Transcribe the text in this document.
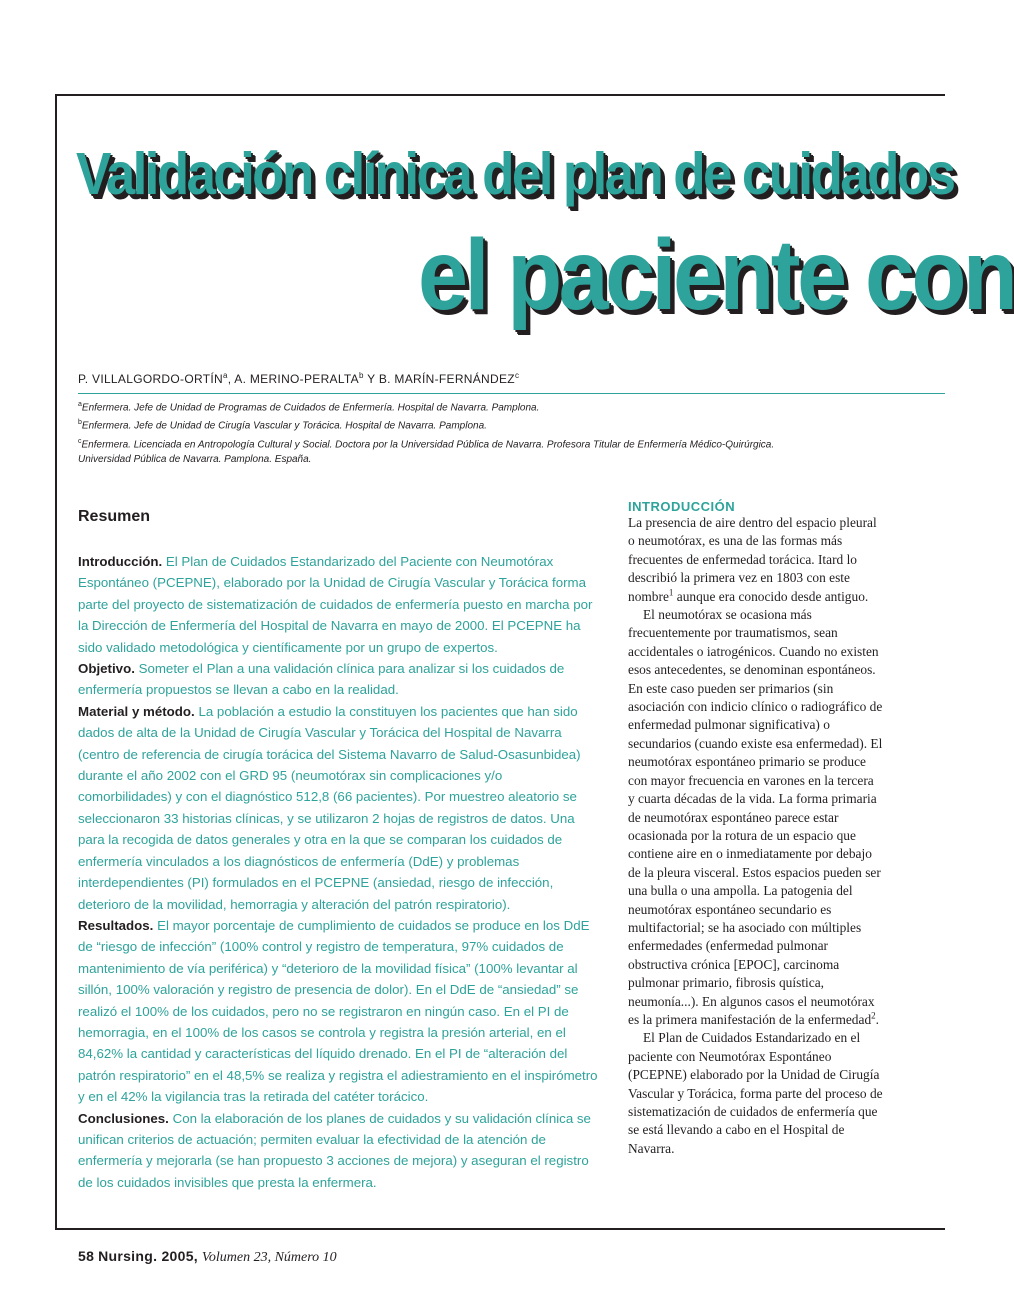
Validación clínica del plan de cuidados
el paciente con
P. VILLALGORDO-ORTÍN$^a$, A. MERINO-PERALTA$^b$ Y B. MARÍN-FERNÁNDEZ$^c$
$^a$Enfermera. Jefe de Unidad de Programas de Cuidados de Enfermería. Hospital de Navarra. Pamplona.
$^b$Enfermera. Jefe de Unidad de Cirugía Vascular y Torácica. Hospital de Navarra. Pamplona.
$^c$Enfermera. Licenciada en Antropología Cultural y Social. Doctora por la Universidad Pública de Navarra. Profesora Titular de Enfermería Médico-Quirúrgica. Universidad Pública de Navarra. Pamplona. España.
Resumen

Introducción. El Plan de Cuidados Estandarizado del Paciente con Neumotórax Espontáneo (PCEPNE), elaborado por la Unidad de Cirugía Vascular y Torácica forma parte del proyecto de sistematización de cuidados de enfermería puesto en marcha por la Dirección de Enfermería del Hospital de Navarra en mayo de 2000. El PCEPNE ha sido validado metodológica y científicamente por un grupo de expertos.

Objetivo. Someter el Plan a una validación clínica para analizar si los cuidados de enfermería propuestos se llevan a cabo en la realidad.

Material y método. La población a estudio la constituyen los pacientes que han sido dados de alta de la Unidad de Cirugía Vascular y Torácica del Hospital de Navarra (centro de referencia de cirugía torácica del Sistema Navarro de Salud-Osasunbidea) durante el año 2002 con el GRD 95 (neumotórax sin complicaciones y/o comorbilidades) y con el diagnóstico 512,8 (66 pacientes). Por muestreo aleatorio se seleccionaron 33 historias clínicas, y se utilizaron 2 hojas de registros de datos. Una para la recogida de datos generales y otra en la que se comparan los cuidados de enfermería vinculados a los diagnósticos de enfermería (DdE) y problemas interdependientes (PI) formulados en el PCEPNE (ansiedad, riesgo de infección, deterioro de la movilidad, hemorragia y alteración del patrón respiratorio).

Resultados. El mayor porcentaje de cumplimiento de cuidados se produce en los DdE de “riesgo de infección” (100% control y registro de temperatura, 97% cuidados de mantenimiento de vía periférica) y “deterioro de la movilidad física” (100% levantar al sillón, 100% valoración y registro de presencia de dolor). En el DdE de “ansiedad” se realizó el 100% de los cuidados, pero no se registraron en ningún caso. En el PI de hemorragia, en el 100% de los casos se controla y registra la presión arterial, en el 84,62% la cantidad y características del líquido drenado. En el PI de “alteración del patrón respiratorio” en el 48,5% se realiza y registra el adiestramiento en el inspirómetro y en el 42% la vigilancia tras la retirada del catéter torácico.

Conclusiones. Con la elaboración de los planes de cuidados y su validación clínica se unifican criterios de actuación; permiten evaluar la efectividad de la atención de enfermería y mejorarla (se han propuesto 3 acciones de mejora) y aseguran el registro de los cuidados invisibles que presta la enfermera.

INTRODUCCIÓN

La presencia de aire dentro del espacio pleural o neumotórax, es una de las formas más frecuentes de enfermedad torácica. Itard lo describió la primera vez en 1803 con este nombre$^1$ aunque era conocido desde antiguo.

El neumotórax se ocasiona más frecuentemente por traumatismos, sean accidentales o iatrogénicos. Cuando no existen esos antecedentes, se denominan espontáneos. En este caso pueden ser primarios (sin asociación con indicio clínico o radiográfico de enfermedad pulmonar significativa) o secundarios (cuando existe esa enfermedad). El neumotórax espontáneo primario se produce con mayor frecuencia en varones en la tercera y cuarta décadas de la vida. La forma primaria de neumotórax espontáneo parece estar ocasionada por la rotura de un espacio que contiene aire en o inmediatamente por debajo de la pleura visceral. Estos espacios pueden ser una bulla o una ampolla. La patogenia del neumotórax espontáneo secundario es multifactorial; se ha asociado con múltiples enfermedades (enfermedad pulmonar obstructiva crónica [EPOC], carcinoma pulmonar primario, fibrosis quística, neumonía...). En algunos casos el neumotórax es la primera manifestación de la enfermedad$^2$.

El Plan de Cuidados Estandarizado en el paciente con Neumotórax Espontáneo (PCEPNE) elaborado por la Unidad de Cirugía Vascular y Torácica, forma parte del proceso de sistematización de cuidados de enfermería que se está llevando a cabo en el Hospital de Navarra.

58 Nursing. 2005, Volumen 23, Número 10
